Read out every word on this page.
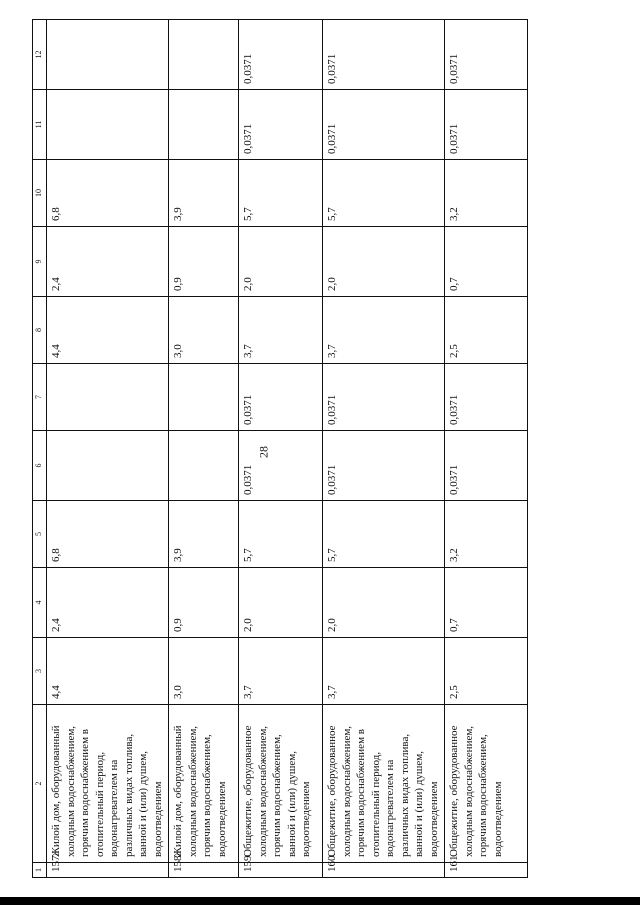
28
1	2	3	4	5	6	7	8	9	10	11	12
157.	Жилой дом, оборудованный холодным водоснабжением, горячим водоснабжением в отопительный период, водонагревателем на различных видах топлива, ванной и (или) душем, водоотведением	4,4	2,4	6,8			4,4	2,4	6,8		
158.	Жилой дом, оборудованный холодным водоснабжением, горячим водоснабжением, водоотведением	3,0	0,9	3,9			3,0	0,9	3,9		
159.	Общежитие, оборудованное холодным водоснабжением, горячим водоснабжением, ванной и (или) душем, водоотведением	3,7	2,0	5,7	0,0371	0,0371	3,7	2,0	5,7	0,0371	0,0371
160.	Общежитие, оборудованное холодным водоснабжением, горячим водоснабжением в отопительный период, водонагревателем на различных видах топлива, ванной и (или) душем, водоотведением	3,7	2,0	5,7	0,0371	0,0371	3,7	2,0	5,7	0,0371	0,0371
161.	Общежитие, оборудованное холодным водоснабжением, горячим водоснабжением, водоотведением	2,5	0,7	3,2	0,0371	0,0371	2,5	0,7	3,2	0,0371	0,0371
